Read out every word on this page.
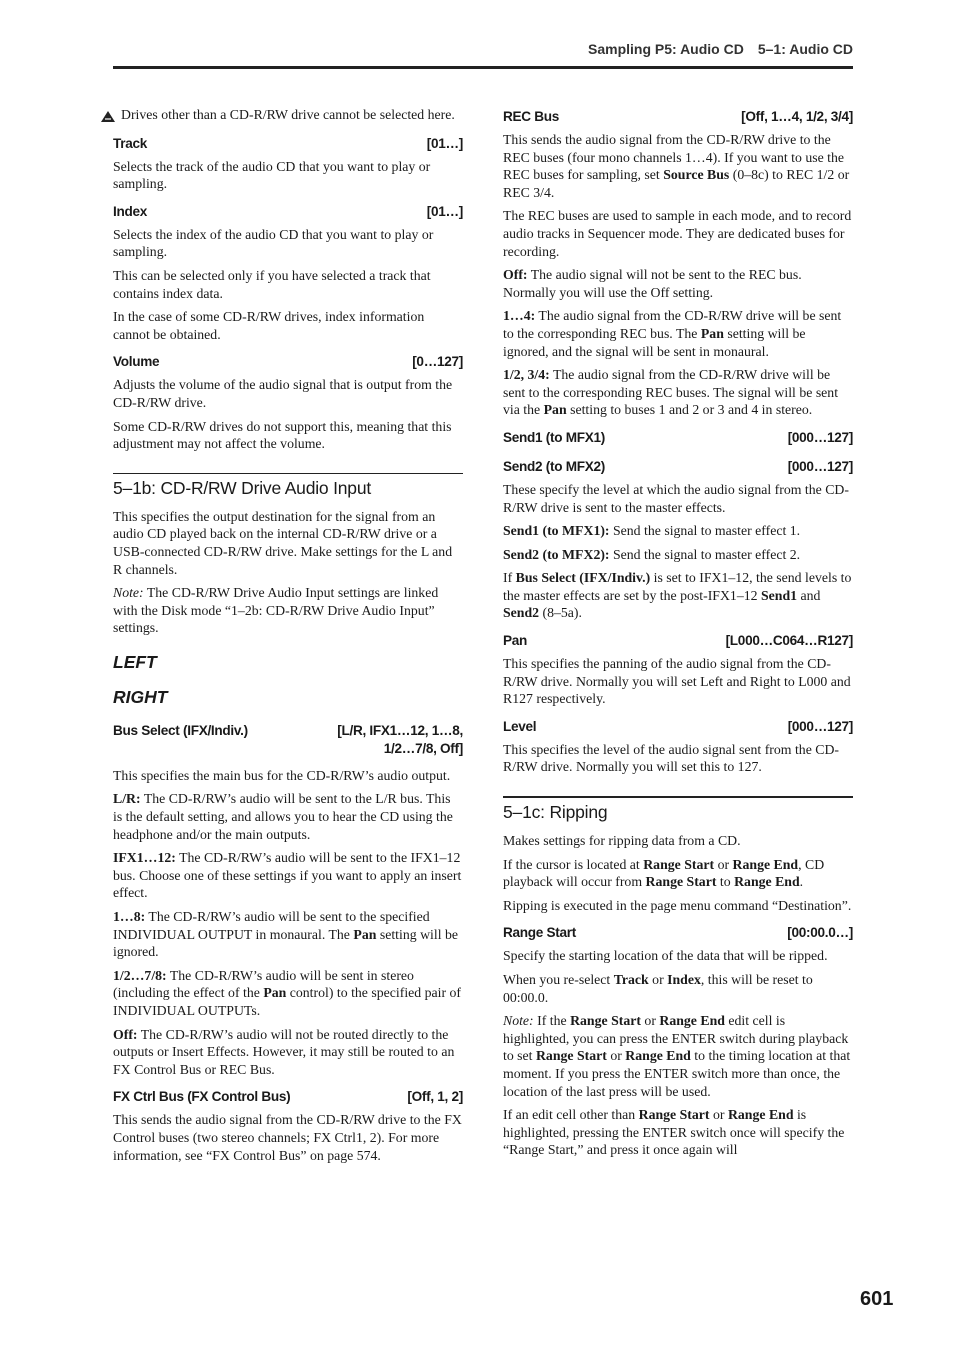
Sampling P5: Audio CD 5–1: Audio CD

Drives other than a CD-R/RW drive cannot be selected here.

Track	[01…]

Selects the track of the audio CD that you want to play or sampling.

Index	[01…]

Selects the index of the audio CD that you want to play or sampling.

This can be selected only if you have selected a track that contains index data.

In the case of some CD-R/RW drives, index information cannot be obtained.

Volume	[0…127]

Adjusts the volume of the audio signal that is output from the CD-R/RW drive.

Some CD-R/RW drives do not support this, meaning that this adjustment may not affect the volume.

5–1b: CD-R/RW Drive Audio Input

This specifies the output destination for the signal from an audio CD played back on the internal CD-R/RW drive or a USB-connected CD-R/RW drive. Make settings for the L and R channels.

Note: The CD-R/RW Drive Audio Input settings are linked with the Disk mode “1–2b: CD-R/RW Drive Audio Input” settings.

LEFT
RIGHT
Bus Select (IFX/Indiv.)	[L/R, IFX1…12, 1…8, 1/2…7/8, Off]

This specifies the main bus for the CD-R/RW’s audio output.

L/R: The CD-R/RW’s audio will be sent to the L/R bus. This is the default setting, and allows you to hear the CD using the headphone and/or the main outputs.

IFX1…12: The CD-R/RW’s audio will be sent to the IFX1–12 bus. Choose one of these settings if you want to apply an insert effect.

1…8: The CD-R/RW’s audio will be sent to the specified INDIVIDUAL OUTPUT in monaural. The Pan setting will be ignored.

1/2…7/8: The CD-R/RW’s audio will be sent in stereo (including the effect of the Pan control) to the specified pair of INDIVIDUAL OUTPUTs.

Off: The CD-R/RW’s audio will not be routed directly to the outputs or Insert Effects. However, it may still be routed to an FX Control Bus or REC Bus.

FX Ctrl Bus (FX Control Bus)	[Off, 1, 2]

This sends the audio signal from the CD-R/RW drive to the FX Control buses (two stereo channels; FX Ctrl1, 2). For more information, see “FX Control Bus” on page 574.

REC Bus	[Off, 1…4, 1/2, 3/4]

This sends the audio signal from the CD-R/RW drive to the REC buses (four mono channels 1…4). If you want to use the REC buses for sampling, set Source Bus (0–8c) to REC 1/2 or REC 3/4.

The REC buses are used to sample in each mode, and to record audio tracks in Sequencer mode. They are dedicated buses for recording.

Off: The audio signal will not be sent to the REC bus. Normally you will use the Off setting.

1…4: The audio signal from the CD-R/RW drive will be sent to the corresponding REC bus. The Pan setting will be ignored, and the signal will be sent in monaural.

1/2, 3/4: The audio signal from the CD-R/RW drive will be sent to the corresponding REC buses. The signal will be sent via the Pan setting to buses 1 and 2 or 3 and 4 in stereo.

Send1 (to MFX1)	[000…127]
Send2 (to MFX2)	[000…127]

These specify the level at which the audio signal from the CD-R/RW drive is sent to the master effects.

Send1 (to MFX1): Send the signal to master effect 1.

Send2 (to MFX2): Send the signal to master effect 2.

If Bus Select (IFX/Indiv.) is set to IFX1–12, the send levels to the master effects are set by the post-IFX1–12 Send1 and Send2 (8–5a).

Pan	[L000…C064…R127]

This specifies the panning of the audio signal from the CD-R/RW drive. Normally you will set Left and Right to L000 and R127 respectively.

Level	[000…127]

This specifies the level of the audio signal sent from the CD-R/RW drive. Normally you will set this to 127.

5–1c: Ripping

Makes settings for ripping data from a CD.

If the cursor is located at Range Start or Range End, CD playback will occur from Range Start to Range End.

Ripping is executed in the page menu command “Destination”.

Range Start	[00:00.0…]

Specify the starting location of the data that will be ripped.

When you re-select Track or Index, this will be reset to 00:00.0.

Note: If the Range Start or Range End edit cell is highlighted, you can press the ENTER switch during playback to set Range Start or Range End to the timing location at that moment. If you press the ENTER switch more than once, the location of the last press will be used.

If an edit cell other than Range Start or Range End is highlighted, pressing the ENTER switch once will specify the “Range Start,” and press it once again will

601
